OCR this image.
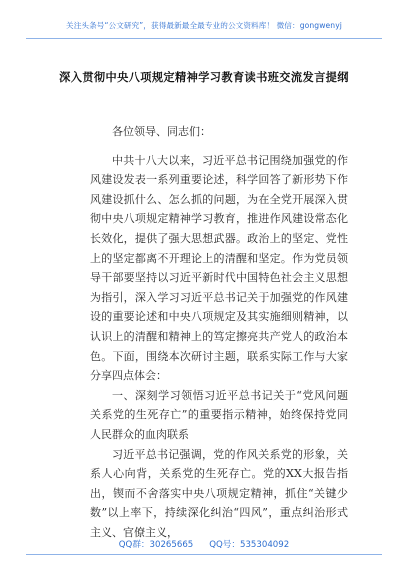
关注头条号“公文研究”，获得最新最全最专业的公文资料库！ 微信：gongwenyj
深入贯彻中央八项规定精神学习教育读书班交流发言提纲

各位领导、同志们：

中共十八大以来，习近平总书记围绕加强党的作风建设发表一系列重要论述，科学回答了新形势下作风建设抓什么、怎么抓的问题，为在全党开展深入贯彻中央八项规定精神学习教育，推进作风建设常态化长效化，提供了强大思想武器。政治上的坚定、党性上的坚定都离不开理论上的清醒和坚定。作为党员领导干部要坚持以习近平新时代中国特色社会主义思想为指引，深入学习习近平总书记关于加强党的作风建设的重要论述和中央八项规定及其实施细则精神，以认识上的清醒和精神上的笃定擦亮共产党人的政治本色。下面，围绕本次研讨主题，联系实际工作与大家分享四点体会：

一、深刻学习领悟习近平总书记关于“党风问题关系党的生死存亡”的重要指示精神，始终保持党同人民群众的血肉联系

习近平总书记强调，党的作风关系党的形象，关系人心向背，关系党的生死存亡。党的XX大报告指出，锲而不舍落实中央八项规定精神，抓住“关键少数”以上率下，持续深化纠治“四风”，重点纠治形式主义、官僚主义，

QQ群：30265665 QQ号：535304092
